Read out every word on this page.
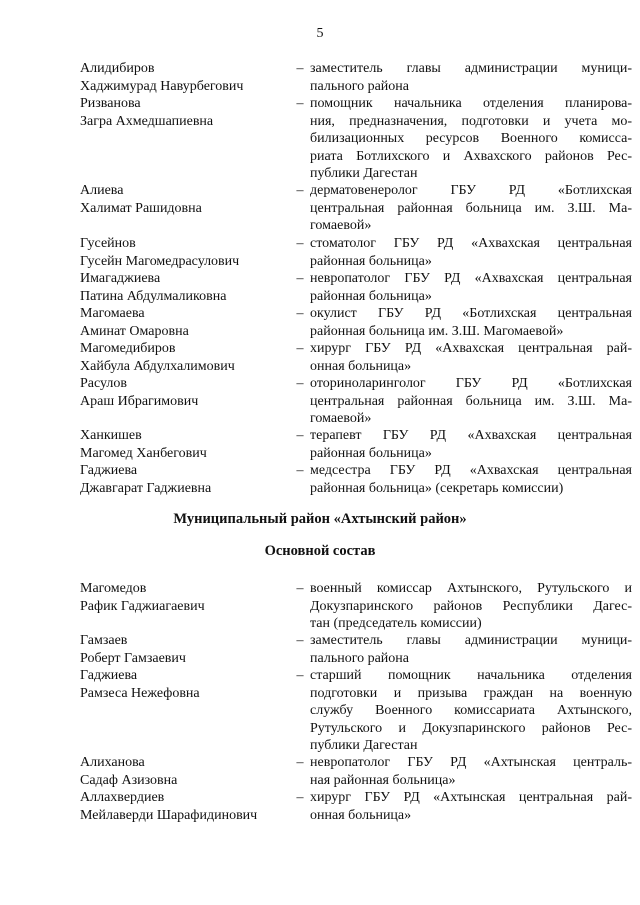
5
Алидибиров
Хаджимурад Навурбегович
– заместитель главы администрации муници-
пального района
Ризванова
Загра Ахмедшапиевна
– помощник начальника отделения планирова-
ния, предназначения, подготовки и учета мо-
билизационных ресурсов Военного комисса-
риата Ботлихского и Ахвахского районов Рес-
публики Дагестан
Алиева
Халимат Рашидовна
– дерматовенеролог ГБУ РД «Ботлихская
центральная районная больница им. З.Ш. Ма-
гомаевой»
Гусейнов
Гусейн Магомедрасулович
– стоматолог ГБУ РД «Ахвахская центральная
районная больница»
Имагаджиева
Патина Абдулмаликовна
– невропатолог ГБУ РД «Ахвахская центральная
районная больница»
Магомаева
Аминат Омаровна
– окулист ГБУ РД «Ботлихская центральная
районная больница им. З.Ш. Магомаевой»
Магомедибиров
Хайбула Абдулхалимович
– хирург ГБУ РД «Ахвахская центральная рай-
онная больница»
Расулов
Араш Ибрагимович
– оториноларинголог ГБУ РД «Ботлихская
центральная районная больница им. З.Ш. Ма-
гомаевой»
Ханкишев
Магомед Ханбегович
– терапевт ГБУ РД «Ахвахская центральная
районная больница»
Гаджиева
Джавгарат Гаджиевна
– медсестра ГБУ РД «Ахвахская центральная
районная больница» (секретарь комиссии)
Муниципальный район «Ахтынский район»
Основной состав
Магомедов
Рафик Гаджиагаевич
– военный комиссар Ахтынского, Рутульского и
Докузпаринского районов Республики Дагес-
тан (председатель комиссии)
Гамзаев
Роберт Гамзаевич
– заместитель главы администрации муници-
пального района
Гаджиева
Рамзеса Нежефовна
– старший помощник начальника отделения
подготовки и призыва граждан на военную
службу Военного комиссариата Ахтынского,
Рутульского и Докузпаринского районов Рес-
публики Дагестан
Алиханова
Садаф Азизовна
– невропатолог ГБУ РД «Ахтынская централь-
ная районная больница»
Аллахвердиев
Мейлаверди Шарафидинович
– хирург ГБУ РД «Ахтынская центральная рай-
онная больница»
